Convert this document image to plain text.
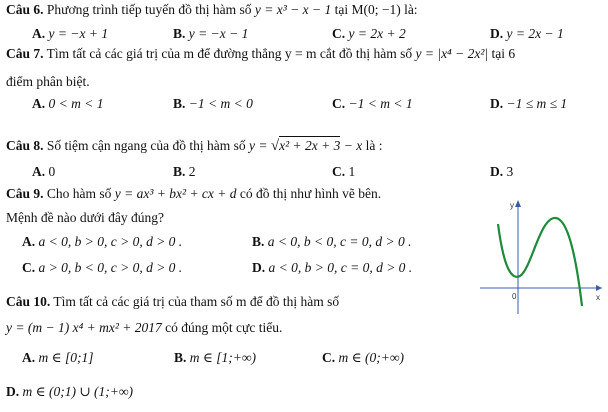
Câu 6. Phương trình tiếp tuyến đồ thị hàm số y = x³ − x − 1 tại M(0; −1) là:
A. y = −x + 1	B. y = −x − 1	C. y = 2x + 2	D. y = 2x − 1
Câu 7. Tìm tất cả các giá trị của m để đường thẳng y = m cắt đồ thị hàm số y = |x⁴ − 2x²| tại 6
điểm phân biệt.
A. 0 < m < 1	B. −1 < m < 0	C. −1 < m < 1	D. −1 ≤ m ≤ 1
Câu 8. Số tiệm cận ngang của đồ thị hàm số y = √x² + 2x + 3 − x là :
A. 0	B. 2	C. 1	D. 3
Câu 9. Cho hàm số y = ax³ + bx² + cx + d có đồ thị như hình vẽ bên.
Mệnh đề nào dưới đây đúng?
A. a < 0, b > 0, c > 0, d > 0 .	B. a < 0, b < 0, c = 0, d > 0 .
C. a > 0, b < 0, c > 0, d > 0 .	D. a < 0, b > 0, c = 0, d > 0 .
y
x
0
Câu 10. Tìm tất cả các giá trị của tham số m để đồ thị hàm số
y = (m − 1) x⁴ + mx² + 2017 có đúng một cực tiểu.
A. m ∈ [0;1]	B. m ∈ [1;+∞)	C. m ∈ (0;+∞)
D. m ∈ (0;1) ∪ (1;+∞)
